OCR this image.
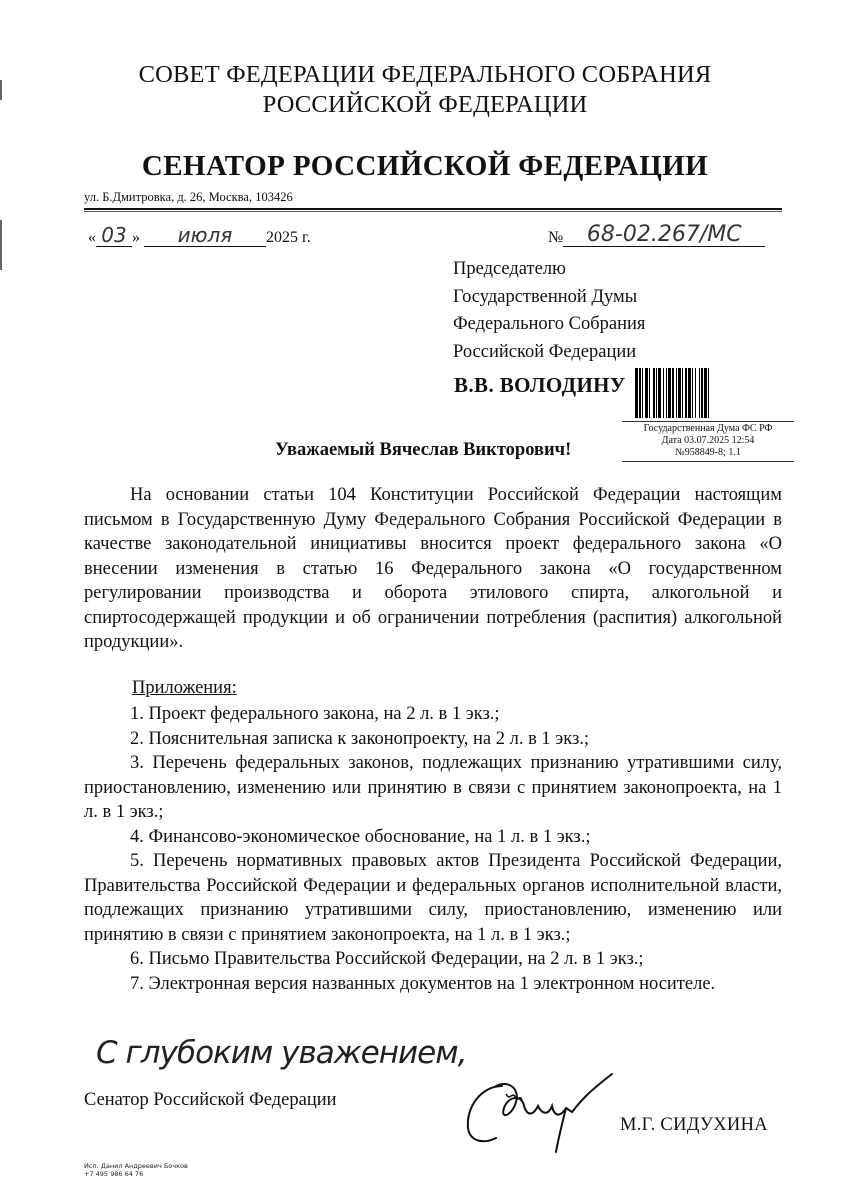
СОВЕТ ФЕДЕРАЦИИ ФЕДЕРАЛЬНОГО СОБРАНИЯ
РОССИЙСКОЙ ФЕДЕРАЦИИ
СЕНАТОР РОССИЙСКОЙ ФЕДЕРАЦИИ
ул. Б.Дмитровка, д. 26, Москва, 103426
« 03 »	июля	2025 г.	№	68-02.267/МС
Председателю
Государственной Думы
Федерального Собрания
Российской Федерации
В.В. ВОЛОДИНУ
Государственная Дума ФС РФ
Дата 03.07.2025 12:54
№958849-8; 1.1
Уважаемый Вячеслав Викторович!
На основании статьи 104 Конституции Российской Федерации настоящим письмом в Государственную Думу Федерального Собрания Российской Федерации в качестве законодательной инициативы вносится проект федерального закона «О внесении изменения в статью 16 Федерального закона «О государственном регулировании производства и оборота этилового спирта, алкогольной и спиртосодержащей продукции и об ограничении потребления (распития) алкогольной продукции».
Приложения:

1. Проект федерального закона, на 2 л. в 1 экз.;

2. Пояснительная записка к законопроекту, на 2 л. в 1 экз.;

3. Перечень федеральных законов, подлежащих признанию утратившими силу, приостановлению, изменению или принятию в связи с принятием законопроекта, на 1 л. в 1 экз.;

4. Финансово-экономическое обоснование, на 1 л. в 1 экз.;

5. Перечень нормативных правовых актов Президента Российской Федерации, Правительства Российской Федерации и федеральных органов исполнительной власти, подлежащих признанию утратившими силу, приостановлению, изменению или принятию в связи с принятием законопроекта, на 1 л. в 1 экз.;

6. Письмо Правительства Российской Федерации, на 2 л. в 1 экз.;

7. Электронная версия названных документов на 1 электронном носителе.

С глубоким уважением,
Сенатор Российской Федерации
М.Г. СИДУХИНА
Исп. Данил Андреевич Бочков
+7 495 986 64 76
